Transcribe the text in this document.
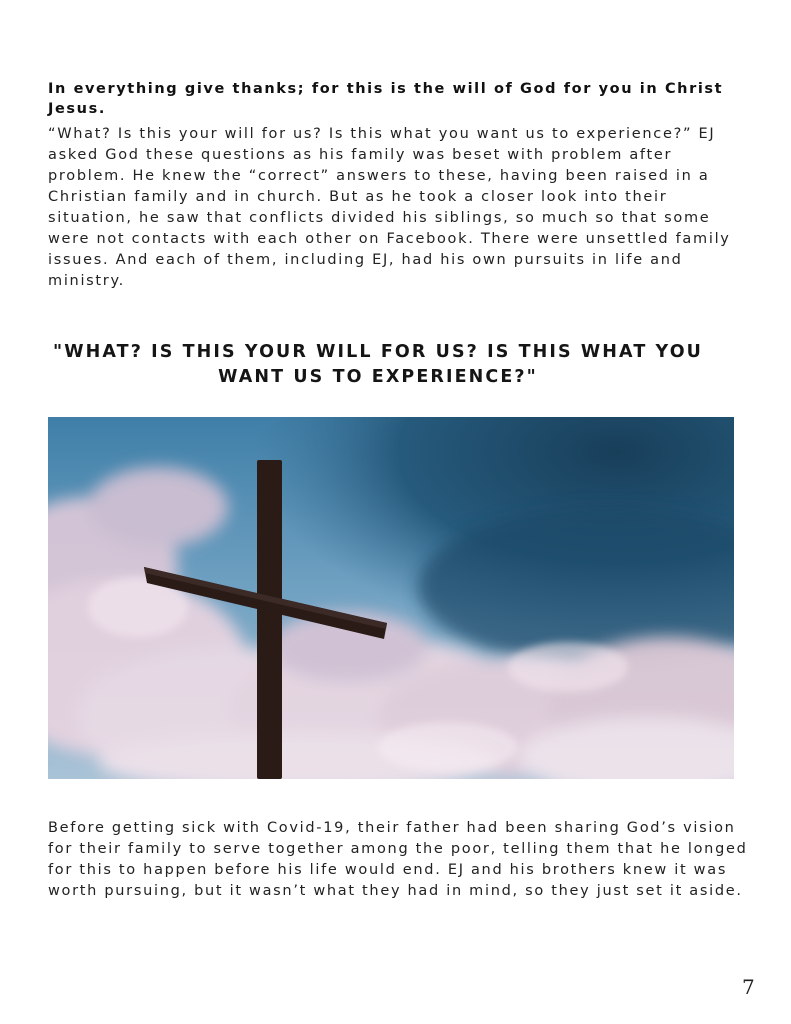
In everything give thanks; for this is the will of God for you in Christ Jesus.
“What? Is this your will for us? Is this what you want us to experience?” EJ asked God these questions as his family was beset with problem after problem. He knew the “correct” answers to these, having been raised in a Christian family and in church. But as he took a closer look into their situation, he saw that conflicts divided his siblings, so much so that some were not contacts with each other on Facebook. There were unsettled family issues. And each of them, including EJ, had his own pursuits in life and ministry.
"WHAT? IS THIS YOUR WILL FOR US? IS THIS WHAT YOU WANT US TO EXPERIENCE?"
Before getting sick with Covid-19, their father had been sharing God’s vision for their family to serve together among the poor, telling them that he longed for this to happen before his life would end. EJ and his brothers knew it was worth pursuing, but it wasn’t what they had in mind, so they just set it aside.
7
